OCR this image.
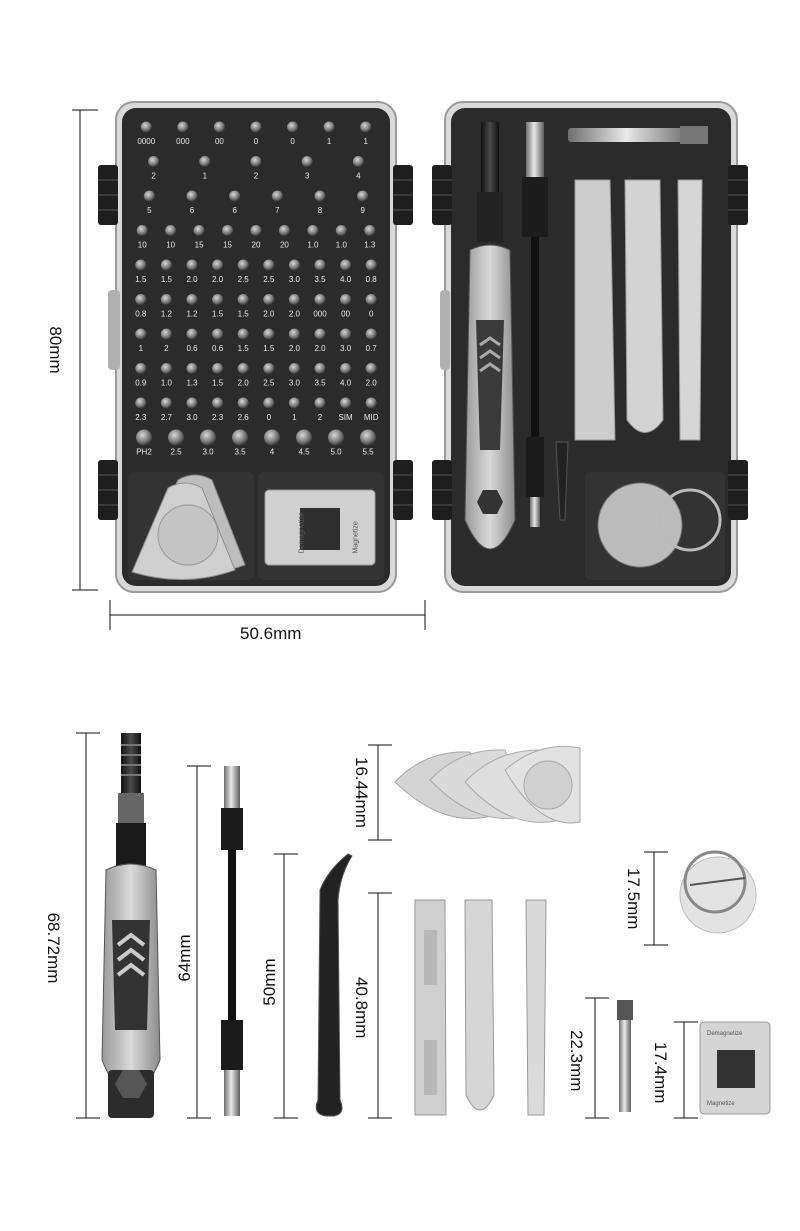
0000	000	00	0	0	1	1
2	1	2	3	4
5	6	6	7	8	9
10 10 15 15 20 20 1.0 1.0 1.3
1.5 1.5 2.0 2.0 2.5 2.5 3.0 3.5 4.0 0.8
0.8 1.2 1.2 1.5 1.5 2.0 2.0 000 00 0
1	2 0.6 0.6 1.5 1.5 2.0 2.0 3.0 0.7
0.9 1.0 1.3 1.5 2.0 2.5 3.0 3.5 4.0 2.0
2.3 2.7 3.0 2.3 2.6 0	1	2 SIM MID
PH2 2.5	3.0	3.5	4	4.5	5.0	5.5
Demagnetize	Magnetize
Demagnetize
Magnetize
80mm
50.6mm
68.72mm	64mm
50mm
16.44mm
40.8mm
17.5mm
22.3mm	17.4mm
